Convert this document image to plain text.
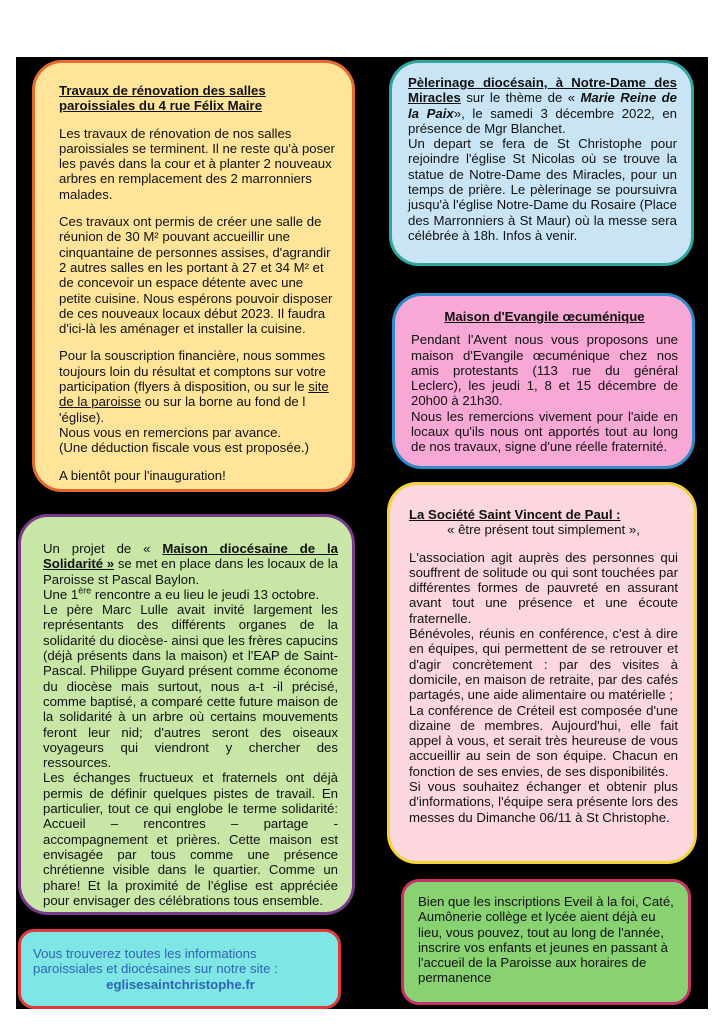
Travaux de rénovation des salles paroissiales du 4 rue Félix Maire

Les travaux de rénovation de nos salles paroissiales se terminent. Il ne reste qu'à poser les pavés dans la cour et à planter 2 nouveaux arbres en remplacement des 2 marronniers malades.

Ces travaux ont permis de créer une salle de réunion de 30 M² pouvant accueillir une cinquantaine de personnes assises, d'agrandir 2 autres salles en les portant à 27 et 34 M² et de concevoir un espace détente avec une petite cuisine. Nous espérons pouvoir disposer de ces nouveaux locaux début 2023. Il faudra d'ici-là les aménager et installer la cuisine.

Pour la souscription financière, nous sommes toujours loin du résultat et comptons sur votre participation (flyers à disposition, ou sur le site de la paroisse ou sur la borne au fond de l 'église).

Nous vous en remercions par avance.

(Une déduction fiscale vous est proposée.)

A bientôt pour l'inauguration!

Pèlerinage diocésain, à Notre-Dame des Miracles sur le thème de « Marie Reine de la Paix», le samedi 3 décembre 2022, en présence de Mgr Blanchet.

Un depart se fera de St Christophe pour rejoindre l'église St Nicolas où se trouve la statue de Notre-Dame des Miracles, pour un temps de prière. Le pèlerinage se poursuivra jusqu'à l'église Notre-Dame du Rosaire (Place des Marronniers à St Maur) où la messe sera célébrée à 18h. Infos à venir.

Maison d'Evangile œcuménique

Pendant l'Avent nous vous proposons une maison d'Evangile œcuménique chez nos amis protestants (113 rue du général Leclerc), les jeudi 1, 8 et 15 décembre de 20h00 à 21h30.

Nous les remercions vivement pour l'aide en locaux qu'ils nous ont apportés tout au long de nos travaux, signe d'une réelle fraternité.

La Société Saint Vincent de Paul :

« être présent tout simplement »,

L'association agit auprès des personnes qui souffrent de solitude ou qui sont touchées par différentes formes de pauvreté en assurant avant tout une présence et une écoute fraternelle.

Bénévoles, réunis en conférence, c'est à dire en équipes, qui permettent de se retrouver et d'agir concrètement : par des visites à domicile, en maison de retraite, par des cafés partagés, une aide alimentaire ou matérielle ;

La conférence de Créteil est composée d'une dizaine de membres. Aujourd'hui, elle fait appel à vous, et serait très heureuse de vous accueillir au sein de son équipe. Chacun en fonction de ses envies, de ses disponibilités.

Si vous souhaitez échanger et obtenir plus d'informations, l'équipe sera présente lors des messes du Dimanche 06/11 à St Christophe.

Un projet de « Maison diocésaine de la Solidarité » se met en place dans les locaux de la Paroisse st Pascal Baylon.

Une 1ère rencontre a eu lieu le jeudi 13 octobre.

Le père Marc Lulle avait invité largement les représentants des différents organes de la solidarité du diocèse- ainsi que les frères capucins (déjà présents dans la maison) et l'EAP de Saint-Pascal. Philippe Guyard présent comme économe du diocèse mais surtout, nous a-t -il précisé, comme baptisé, a comparé cette future maison de la solidarité à un arbre où certains mouvements feront leur nid; d'autres seront des oiseaux voyageurs qui viendront y chercher des ressources.

Les échanges fructueux et fraternels ont déjà permis de définir quelques pistes de travail. En particulier, tout ce qui englobe le terme solidarité: Accueil – rencontres – partage - accompagnement et prières. Cette maison est envisagée par tous comme une présence chrétienne visible dans le quartier. Comme un phare! Et la proximité de l'église est appréciée pour envisager des célébrations tous ensemble.

Vous trouverez toutes les informations paroissiales et diocésaines sur notre site :

eglisesaintchristophe.fr

Bien que les inscriptions Eveil à la foi, Caté, Aumônerie collège et lycée aient déjà eu lieu, vous pouvez, tout au long de l'année, inscrire vos enfants et jeunes en passant à l'accueil de la Paroisse aux horaires de permanence
